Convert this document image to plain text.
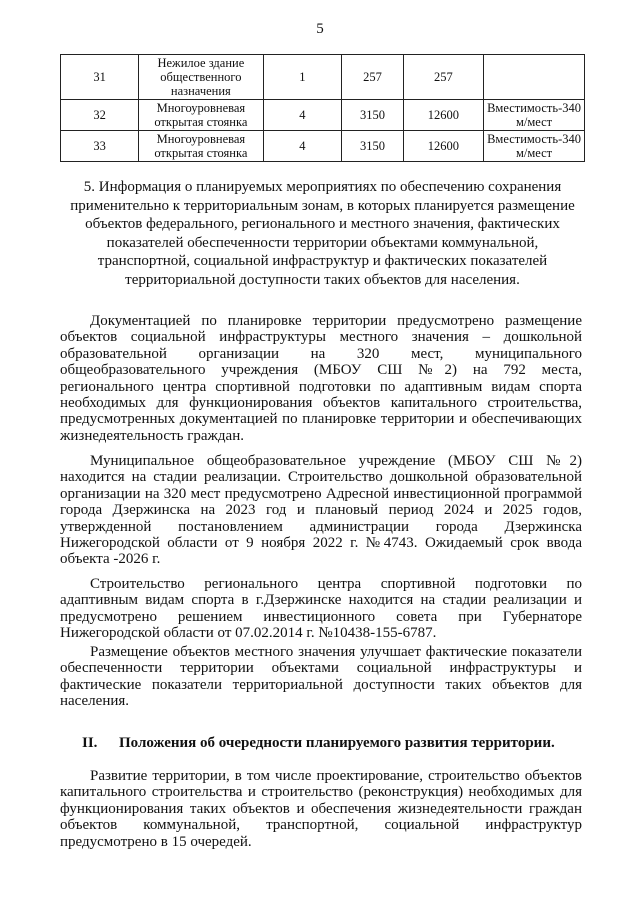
5
31	Нежилое здание общественного назначения	1	257	257	
32	Многоуровневая открытая стоянка	4	3150	12600	Вместимость-340 м/мест
33	Многоуровневая открытая стоянка	4	3150	12600	Вместимость-340 м/мест
5. Информация о планируемых мероприятиях по обеспечению сохранения применительно к территориальным зонам, в которых планируется размещение объектов федерального, регионального и местного значения, фактических показателей обеспеченности территории объектами коммунальной, транспортной, социальной инфраструктур и фактических показателей территориальной доступности таких объектов для населения.

Документацией по планировке территории предусмотрено размещение объектов социальной инфраструктуры местного значения – дошкольной образовательной организации на 320 мест, муниципального общеобразовательного учреждения (МБОУ СШ №2) на 792 места, регионального центра спортивной подготовки по адаптивным видам спорта необходимых для функционирования объектов капитального строительства, предусмотренных документацией по планировке территории и обеспечивающих жизнедеятельность граждан.

Муниципальное общеобразовательное учреждение (МБОУ СШ №2) находится на стадии реализации. Строительство дошкольной образовательной организации на 320 мест предусмотрено Адресной инвестиционной программой города Дзержинска на 2023 год и плановый период 2024 и 2025 годов, утвержденной постановлением администрации города Дзержинска Нижегородской области от 9 ноября 2022 г. №4743. Ожидаемый срок ввода объекта -2026 г.

Строительство регионального центра спортивной подготовки по адаптивным видам спорта в г.Дзержинске находится на стадии реализации и предусмотрено решением инвестиционного совета при Губернаторе Нижегородской области от 07.02.2014 г. №10438-155-6787.

Размещение объектов местного значения улучшает фактические показатели обеспеченности территории объектами социальной инфраструктуры и фактические показатели территориальной доступности таких объектов для населения.

II. Положения об очередности планируемого развития территории.

Развитие территории, в том числе проектирование, строительство объектов капитального строительства и строительство (реконструкция) необходимых для функционирования таких объектов и обеспечения жизнедеятельности граждан объектов коммунальной, транспортной, социальной инфраструктур предусмотрено в 15 очередей.
